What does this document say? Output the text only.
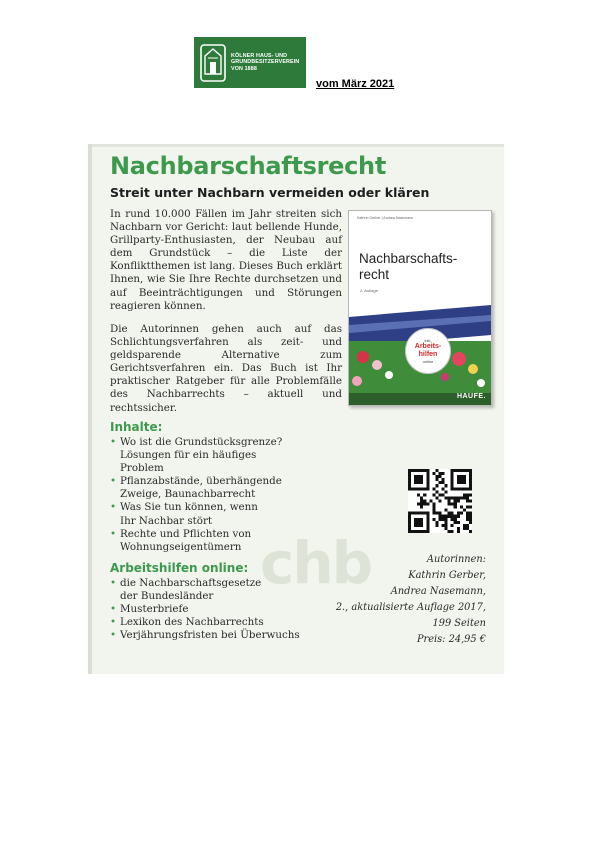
KÖLNER HAUS- UND
GRUNDBESITZERVEREIN
VON 1888
vom März 2021
chb
Nachbarschaftsrecht
Streit unter Nachbarn vermeiden oder klären
In rund 10.000 Fällen im Jahr streiten sich Nachbarn vor Gericht: laut bellende Hunde, Grillparty-Enthusiasten, der Neubau auf dem Grundstück – die Liste der Konfliktthemen ist lang. Dieses Buch erklärt Ihnen, wie Sie Ihre Rechte durchsetzen und auf Beeinträchtigungen und Störungen reagieren können.
Die Autorinnen gehen auch auf das Schlichtungsverfahren als zeit- und geldsparende Alternative zum Gerichtsverfahren ein. Das Buch ist Ihr praktischer Ratgeber für alle Problemfälle des Nachbarrechts – aktuell und rechtssicher.
Kathrin Gerber | Andrea Nasemann
Nachbarschafts-
recht
2. Auflage
inkl.
Arbeits-
hilfen
online
HAUFE.
Inhalte:
• Wo ist die Grundstücksgrenze? Lösungen für ein häufiges Problem
• Pflanzabstände, überhängende Zweige, Baunachbarrecht
• Was Sie tun können, wenn Ihr Nachbar stört
• Rechte und Pflichten von Wohnungseigentümern
Arbeitshilfen online:
• die Nachbarschaftsgesetze der Bundesländer
• Musterbriefe
• Lexikon des Nachbarrechts
• Verjährungsfristen bei Überwuchs
Autorinnen:
Kathrin Gerber,
Andrea Nasemann,
2., aktualisierte Auflage 2017,
199 Seiten
Preis: 24,95 €
